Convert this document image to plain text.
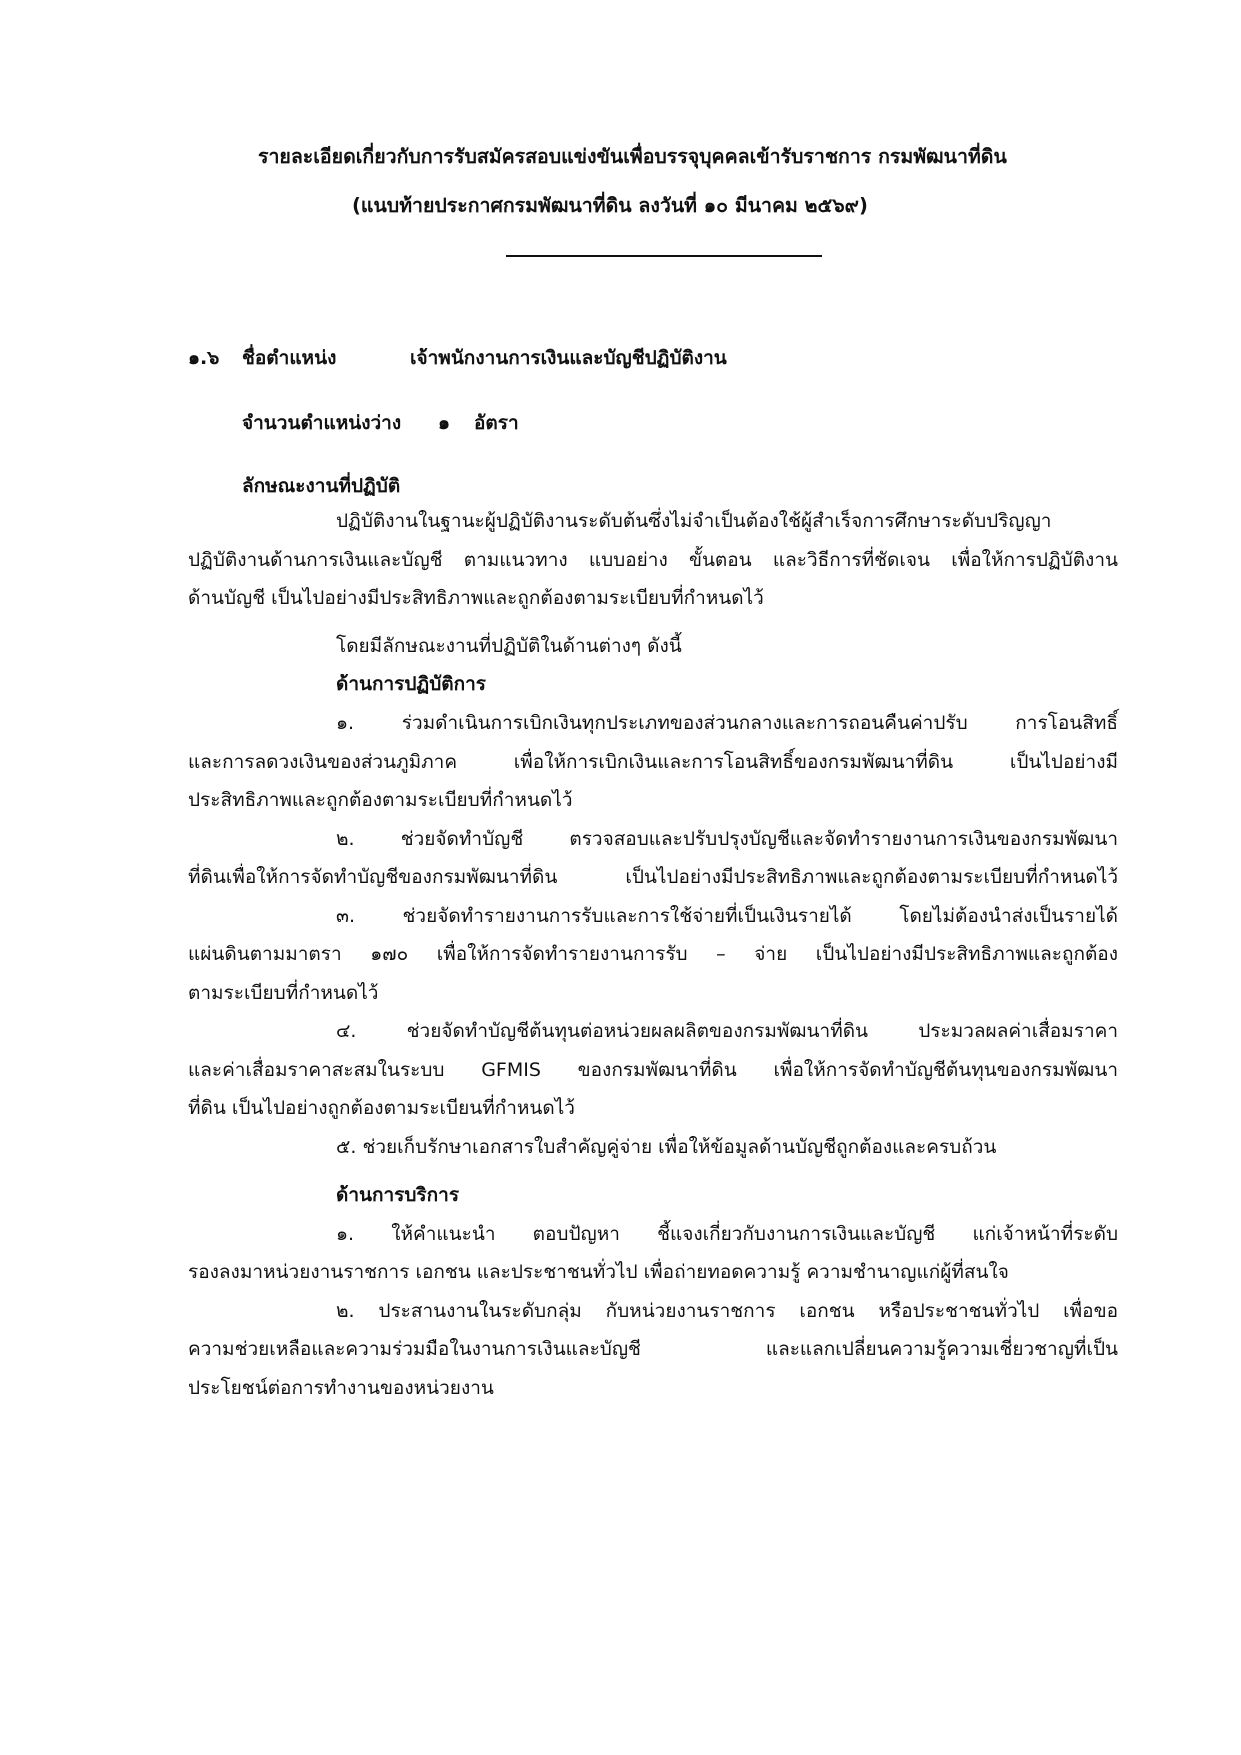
รายละเอียดเกี่ยวกับการรับสมัครสอบแข่งขันเพื่อบรรจุบุคคลเข้ารับราชการ กรมพัฒนาที่ดิน
(แนบท้ายประกาศกรมพัฒนาที่ดิน ลงวันที่ ๑๐ มีนาคม ๒๕๖๙)
๑.๖ ชื่อตำแหน่ง	เจ้าพนักงานการเงินและบัญชีปฏิบัติงาน
จำนวนตำแหน่งว่าง ๑ อัตรา
ลักษณะงานที่ปฏิบัติ
ปฏิบัติงานในฐานะผู้ปฏิบัติงานระดับต้นซึ่งไม่จำเป็นต้องใช้ผู้สำเร็จการศึกษาระดับปริญญา
ปฏิบัติงานด้านการเงินและบัญชี ตามแนวทาง แบบอย่าง ขั้นตอน และวิธีการที่ชัดเจน เพื่อให้การปฏิบัติงาน
ด้านบัญชี เป็นไปอย่างมีประสิทธิภาพและถูกต้องตามระเบียบที่กำหนดไว้
โดยมีลักษณะงานที่ปฏิบัติในด้านต่างๆ ดังนี้
ด้านการปฏิบัติการ
๑. ร่วมดำเนินการเบิกเงินทุกประเภทของส่วนกลางและการถอนคืนค่าปรับ การโอนสิทธิ์
และการลดวงเงินของส่วนภูมิภาค เพื่อให้การเบิกเงินและการโอนสิทธิ์ของกรมพัฒนาที่ดิน เป็นไปอย่างมี
ประสิทธิภาพและถูกต้องตามระเบียบที่กำหนดไว้
๒. ช่วยจัดทำบัญชี ตรวจสอบและปรับปรุงบัญชีและจัดทำรายงานการเงินของกรมพัฒนา
ที่ดินเพื่อให้การจัดทำบัญชีของกรมพัฒนาที่ดิน เป็นไปอย่างมีประสิทธิภาพและถูกต้องตามระเบียบที่กำหนดไว้
๓. ช่วยจัดทำรายงานการรับและการใช้จ่ายที่เป็นเงินรายได้ โดยไม่ต้องนำส่งเป็นรายได้
แผ่นดินตามมาตรา ๑๗๐ เพื่อให้การจัดทำรายงานการรับ – จ่าย เป็นไปอย่างมีประสิทธิภาพและถูกต้อง
ตามระเบียบที่กำหนดไว้
๔. ช่วยจัดทำบัญชีต้นทุนต่อหน่วยผลผลิตของกรมพัฒนาที่ดิน ประมวลผลค่าเสื่อมราคา
และค่าเสื่อมราคาสะสมในระบบ GFMIS ของกรมพัฒนาที่ดิน เพื่อให้การจัดทำบัญชีต้นทุนของกรมพัฒนา
ที่ดิน เป็นไปอย่างถูกต้องตามระเบียนที่กำหนดไว้
๕. ช่วยเก็บรักษาเอกสารใบสำคัญคู่จ่าย เพื่อให้ข้อมูลด้านบัญชีถูกต้องและครบถ้วน
ด้านการบริการ
๑. ให้คำแนะนำ ตอบปัญหา ชี้แจงเกี่ยวกับงานการเงินและบัญชี แก่เจ้าหน้าที่ระดับ
รองลงมาหน่วยงานราชการ เอกชน และประชาชนทั่วไป เพื่อถ่ายทอดความรู้ ความชำนาญแก่ผู้ที่สนใจ
๒. ประสานงานในระดับกลุ่ม กับหน่วยงานราชการ เอกชน หรือประชาชนทั่วไป เพื่อขอ
ความช่วยเหลือและความร่วมมือในงานการเงินและบัญชี และแลกเปลี่ยนความรู้ความเชี่ยวชาญที่เป็น
ประโยชน์ต่อการทำงานของหน่วยงาน
